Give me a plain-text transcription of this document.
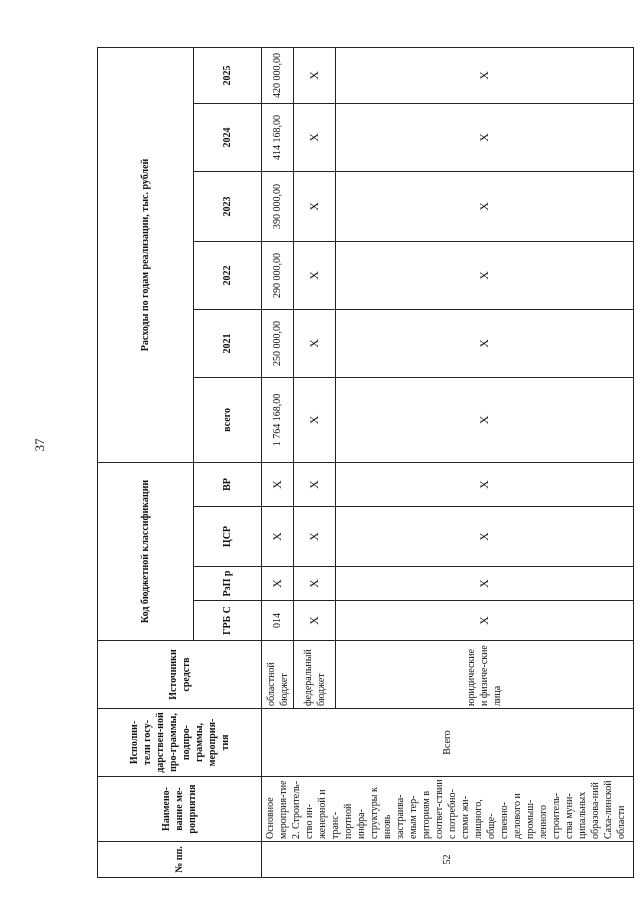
37
№ пп.	Наимено-вание ме-роприятия	Исполни-тели госу-дарствен-ной про-граммы, подпро-граммы, мероприя-тия	Источники средств	Код бюджетной классификации				Расходы по годам реализации, тыс. рублей					
				ГРБ С	РзП р	ЦСР	ВР	всего	2021	2022	2023	2024	2025
52	Основное мероприя-тие 2. Строитель-ство ин-женерной и транс-портной инфра-структуры к вновь застраива-емым тер-риториям в соответ-ствии с потребно-стями жи-лищного, обще-ственно-делового и промыш-ленного строитель-ства муни-ципальных образова-ний Саха-линской области	Всего	областной бюджет	014	X	X	X	1 764 168,00	250 000,00	290 000,00	390 000,00	414 168,00	420 000,00
			федеральный бюджет	X	X	X	X	X	X	X	X	X	X
			юридические и физиче-ские лица	X	X	X	X	X	X	X	X	X	X
